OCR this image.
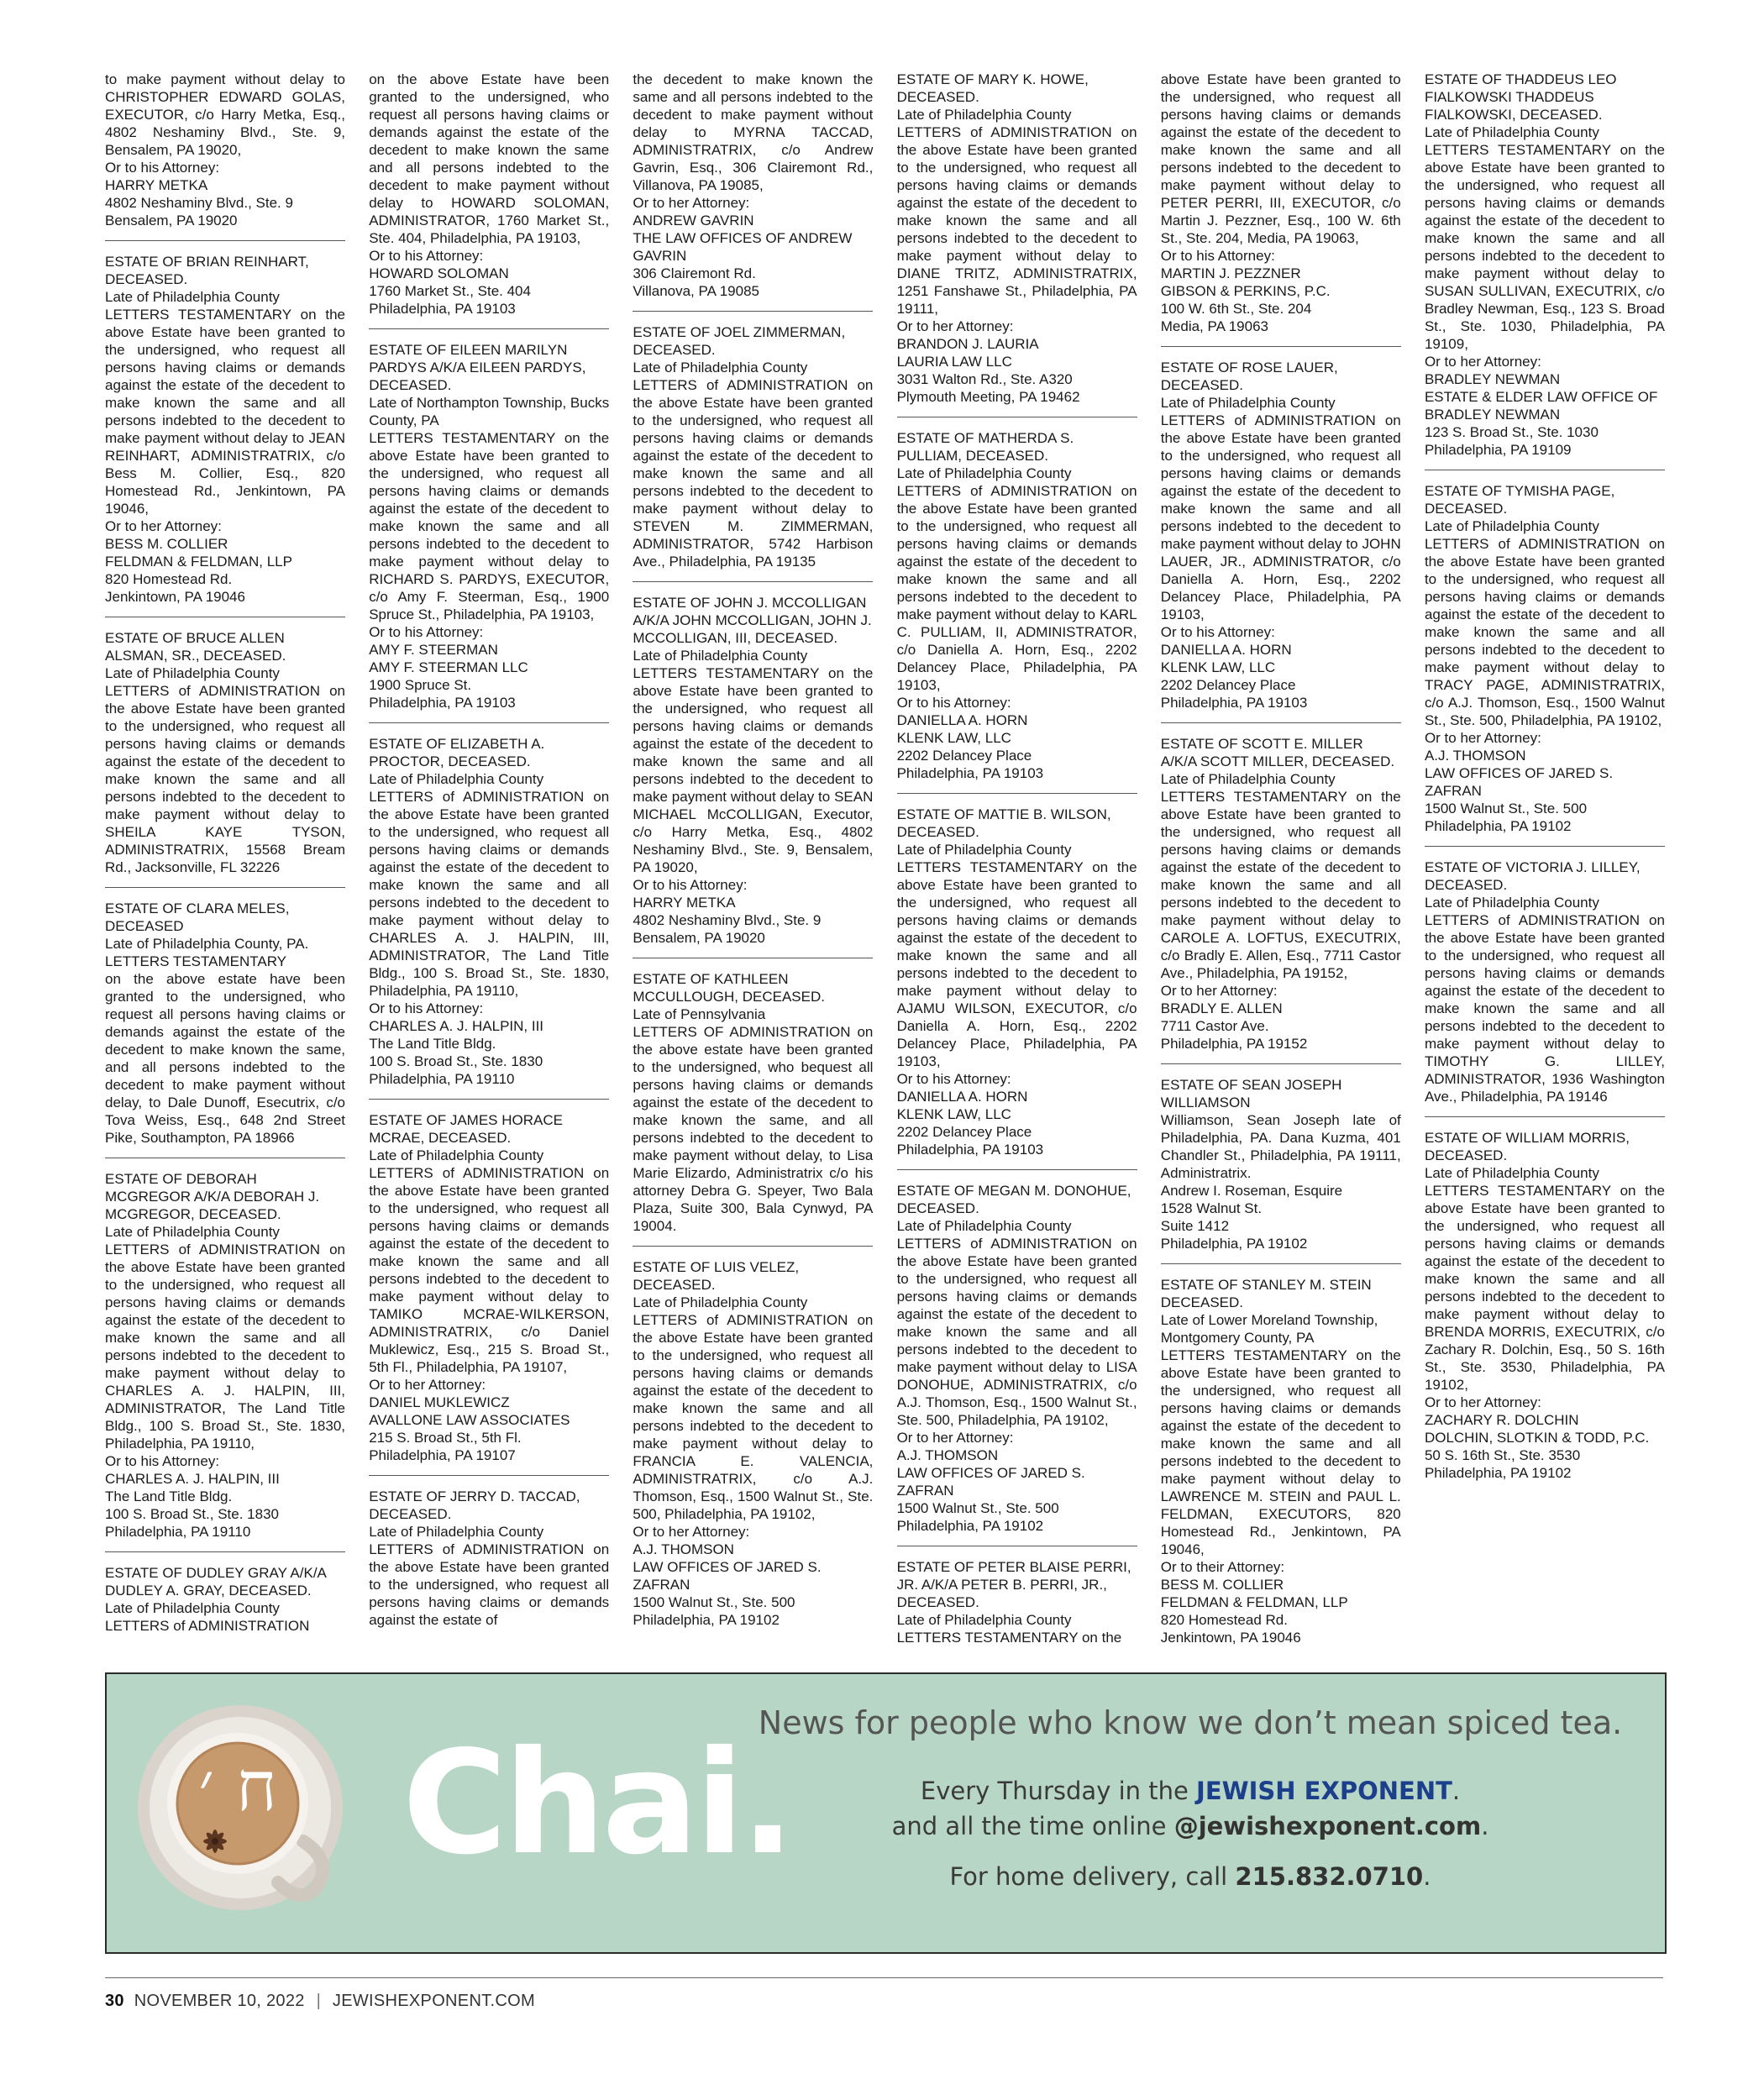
to make payment without delay to CHRISTOPHER EDWARD GOLAS, EXECUTOR, c/o Harry Metka, Esq., 4802 Neshaminy Blvd., Ste. 9, Bensalem, PA 19020,

Or to his Attorney:

HARRY METKA

4802 Neshaminy Blvd., Ste. 9

Bensalem, PA 19020

ESTATE OF BRIAN REINHART, DECEASED.

Late of Philadelphia County

LETTERS TESTAMENTARY on the above Estate have been granted to the undersigned, who request all persons having claims or demands against the estate of the decedent to make known the same and all persons indebted to the decedent to make payment without delay to JEAN REINHART, ADMINISTRATRIX, c/o Bess M. Collier, Esq., 820 Homestead Rd., Jenkintown, PA 19046,

Or to her Attorney:

BESS M. COLLIER

FELDMAN & FELDMAN, LLP

820 Homestead Rd.

Jenkintown, PA 19046

ESTATE OF BRUCE ALLEN ALSMAN, SR., DECEASED.

Late of Philadelphia County

LETTERS of ADMINISTRATION on the above Estate have been granted to the undersigned, who request all persons having claims or demands against the estate of the decedent to make known the same and all persons indebted to the decedent to make payment without delay to SHEILA KAYE TYSON, ADMINISTRATRIX, 15568 Bream Rd., Jacksonville, FL 32226

ESTATE OF CLARA MELES, DECEASED

Late of Philadelphia County, PA.

LETTERS TESTAMENTARY

on the above estate have been granted to the undersigned, who request all persons having claims or demands against the estate of the decedent to make known the same, and all persons indebted to the decedent to make payment without delay, to Dale Dunoff, Esecutrix, c/o Tova Weiss, Esq., 648 2nd Street Pike, Southampton, PA 18966

ESTATE OF DEBORAH MCGREGOR A/K/A DEBORAH J. MCGREGOR, DECEASED.

Late of Philadelphia County

LETTERS of ADMINISTRATION on the above Estate have been granted to the undersigned, who request all persons having claims or demands against the estate of the decedent to make known the same and all persons indebted to the decedent to make payment without delay to CHARLES A. J. HALPIN, III, ADMINISTRATOR, The Land Title Bldg., 100 S. Broad St., Ste. 1830, Philadelphia, PA 19110,

Or to his Attorney:

CHARLES A. J. HALPIN, III

The Land Title Bldg.

100 S. Broad St., Ste. 1830

Philadelphia, PA 19110

ESTATE OF DUDLEY GRAY A/K/A DUDLEY A. GRAY, DECEASED.

Late of Philadelphia County

LETTERS of ADMINISTRATION

on the above Estate have been granted to the undersigned, who request all persons having claims or demands against the estate of the decedent to make known the same and all persons indebted to the decedent to make payment without delay to HOWARD SOLOMAN, ADMINISTRATOR, 1760 Market St., Ste. 404, Philadelphia, PA 19103,

Or to his Attorney:

HOWARD SOLOMAN

1760 Market St., Ste. 404

Philadelphia, PA 19103

ESTATE OF EILEEN MARILYN PARDYS A/K/A EILEEN PARDYS, DECEASED.

Late of Northampton Township, Bucks County, PA

LETTERS TESTAMENTARY on the above Estate have been granted to the undersigned, who request all persons having claims or demands against the estate of the decedent to make known the same and all persons indebted to the decedent to make payment without delay to RICHARD S. PARDYS, EXECUTOR, c/o Amy F. Steerman, Esq., 1900 Spruce St., Philadelphia, PA 19103,

Or to his Attorney:

AMY F. STEERMAN

AMY F. STEERMAN LLC

1900 Spruce St.

Philadelphia, PA 19103

ESTATE OF ELIZABETH A. PROCTOR, DECEASED.

Late of Philadelphia County

LETTERS of ADMINISTRATION on the above Estate have been granted to the undersigned, who request all persons having claims or demands against the estate of the decedent to make known the same and all persons indebted to the decedent to make payment without delay to CHARLES A. J. HALPIN, III, ADMINISTRATOR, The Land Title Bldg., 100 S. Broad St., Ste. 1830, Philadelphia, PA 19110,

Or to his Attorney:

CHARLES A. J. HALPIN, III

The Land Title Bldg.

100 S. Broad St., Ste. 1830

Philadelphia, PA 19110

ESTATE OF JAMES HORACE MCRAE, DECEASED.

Late of Philadelphia County

LETTERS of ADMINISTRATION on the above Estate have been granted to the undersigned, who request all persons having claims or demands against the estate of the decedent to make known the same and all persons indebted to the decedent to make payment without delay to TAMIKO MCRAE-WILKERSON, ADMINISTRATRIX, c/o Daniel Muklewicz, Esq., 215 S. Broad St., 5th Fl., Philadelphia, PA 19107,

Or to her Attorney:

DANIEL MUKLEWICZ

AVALLONE LAW ASSOCIATES

215 S. Broad St., 5th Fl.

Philadelphia, PA 19107

ESTATE OF JERRY D. TACCAD, DECEASED.

Late of Philadelphia County

LETTERS of ADMINISTRATION on the above Estate have been granted to the undersigned, who request all persons having claims or demands against the estate of

the decedent to make known the same and all persons indebted to the decedent to make payment without delay to MYRNA TACCAD, ADMINISTRATRIX, c/o Andrew Gavrin, Esq., 306 Clairemont Rd., Villanova, PA 19085,

Or to her Attorney:

ANDREW GAVRIN

THE LAW OFFICES OF ANDREW GAVRIN

306 Clairemont Rd.

Villanova, PA 19085

ESTATE OF JOEL ZIMMERMAN, DECEASED.

Late of Philadelphia County

LETTERS of ADMINISTRATION on the above Estate have been granted to the undersigned, who request all persons having claims or demands against the estate of the decedent to make known the same and all persons indebted to the decedent to make payment without delay to STEVEN M. ZIMMERMAN, ADMINISTRATOR, 5742 Harbison Ave., Philadelphia, PA 19135

ESTATE OF JOHN J. MCCOLLIGAN A/K/A JOHN MCCOLLIGAN, JOHN J. MCCOLLIGAN, III, DECEASED.

Late of Philadelphia County

LETTERS TESTAMENTARY on the above Estate have been granted to the undersigned, who request all persons having claims or demands against the estate of the decedent to make known the same and all persons indebted to the decedent to make payment without delay to SEAN MICHAEL McCOLLIGAN, Executor, c/o Harry Metka, Esq., 4802 Neshaminy Blvd., Ste. 9, Bensalem, PA 19020,

Or to his Attorney:

HARRY METKA

4802 Neshaminy Blvd., Ste. 9

Bensalem, PA 19020

ESTATE OF KATHLEEN MCCULLOUGH, DECEASED.

Late of Pennsylvania

LETTERS OF ADMINISTRATION on the above estate have been granted to the undersigned, who bequest all persons having claims or demands against the estate of the decedent to make known the same, and all persons indebted to the decedent to make payment without delay, to Lisa Marie Elizardo, Administratrix c/o his attorney Debra G. Speyer, Two Bala Plaza, Suite 300, Bala Cynwyd, PA 19004.

ESTATE OF LUIS VELEZ, DECEASED.

Late of Philadelphia County

LETTERS of ADMINISTRATION on the above Estate have been granted to the undersigned, who request all persons having claims or demands against the estate of the decedent to make known the same and all persons indebted to the decedent to make payment without delay to FRANCIA E. VALENCIA, ADMINISTRATRIX, c/o A.J. Thomson, Esq., 1500 Walnut St., Ste. 500, Philadelphia, PA 19102,

Or to her Attorney:

A.J. THOMSON

LAW OFFICES OF JARED S. ZAFRAN

1500 Walnut St., Ste. 500

Philadelphia, PA 19102

ESTATE OF MARY K. HOWE, DECEASED.

Late of Philadelphia County

LETTERS of ADMINISTRATION on the above Estate have been granted to the undersigned, who request all persons having claims or demands against the estate of the decedent to make known the same and all persons indebted to the decedent to make payment without delay to DIANE TRITZ, ADMINISTRATRIX, 1251 Fanshawe St., Philadelphia, PA 19111,

Or to her Attorney:

BRANDON J. LAURIA

LAURIA LAW LLC

3031 Walton Rd., Ste. A320

Plymouth Meeting, PA 19462

ESTATE OF MATHERDA S. PULLIAM, DECEASED.

Late of Philadelphia County

LETTERS of ADMINISTRATION on the above Estate have been granted to the undersigned, who request all persons having claims or demands against the estate of the decedent to make known the same and all persons indebted to the decedent to make payment without delay to KARL C. PULLIAM, II, ADMINISTRATOR, c/o Daniella A. Horn, Esq., 2202 Delancey Place, Philadelphia, PA 19103,

Or to his Attorney:

DANIELLA A. HORN

KLENK LAW, LLC

2202 Delancey Place

Philadelphia, PA 19103

ESTATE OF MATTIE B. WILSON, DECEASED.

Late of Philadelphia County

LETTERS TESTAMENTARY on the above Estate have been granted to the undersigned, who request all persons having claims or demands against the estate of the decedent to make known the same and all persons indebted to the decedent to make payment without delay to AJAMU WILSON, EXECUTOR, c/o Daniella A. Horn, Esq., 2202 Delancey Place, Philadelphia, PA 19103,

Or to his Attorney:

DANIELLA A. HORN

KLENK LAW, LLC

2202 Delancey Place

Philadelphia, PA 19103

ESTATE OF MEGAN M. DONOHUE, DECEASED.

Late of Philadelphia County

LETTERS of ADMINISTRATION on the above Estate have been granted to the undersigned, who request all persons having claims or demands against the estate of the decedent to make known the same and all persons indebted to the decedent to make payment without delay to LISA DONOHUE, ADMINISTRATRIX, c/o A.J. Thomson, Esq., 1500 Walnut St., Ste. 500, Philadelphia, PA 19102,

Or to her Attorney:

A.J. THOMSON

LAW OFFICES OF JARED S. ZAFRAN

1500 Walnut St., Ste. 500

Philadelphia, PA 19102

ESTATE OF PETER BLAISE PERRI, JR. A/K/A PETER B. PERRI, JR., DECEASED.

Late of Philadelphia County

LETTERS TESTAMENTARY on the

above Estate have been granted to the undersigned, who request all persons having claims or demands against the estate of the decedent to make known the same and all persons indebted to the decedent to make payment without delay to PETER PERRI, III, EXECUTOR, c/o Martin J. Pezzner, Esq., 100 W. 6th St., Ste. 204, Media, PA 19063,

Or to his Attorney:

MARTIN J. PEZZNER

GIBSON & PERKINS, P.C.

100 W. 6th St., Ste. 204

Media, PA 19063

ESTATE OF ROSE LAUER, DECEASED.

Late of Philadelphia County

LETTERS of ADMINISTRATION on the above Estate have been granted to the undersigned, who request all persons having claims or demands against the estate of the decedent to make known the same and all persons indebted to the decedent to make payment without delay to JOHN LAUER, JR., ADMINISTRATOR, c/o Daniella A. Horn, Esq., 2202 Delancey Place, Philadelphia, PA 19103,

Or to his Attorney:

DANIELLA A. HORN

KLENK LAW, LLC

2202 Delancey Place

Philadelphia, PA 19103

ESTATE OF SCOTT E. MILLER A/K/A SCOTT MILLER, DECEASED.

Late of Philadelphia County

LETTERS TESTAMENTARY on the above Estate have been granted to the undersigned, who request all persons having claims or demands against the estate of the decedent to make known the same and all persons indebted to the decedent to make payment without delay to CAROLE A. LOFTUS, EXECUTRIX, c/o Bradly E. Allen, Esq., 7711 Castor Ave., Philadelphia, PA 19152,

Or to her Attorney:

BRADLY E. ALLEN

7711 Castor Ave.

Philadelphia, PA 19152

ESTATE OF SEAN JOSEPH WILLIAMSON

Williamson, Sean Joseph late of Philadelphia, PA. Dana Kuzma, 401 Chandler St., Philadelphia, PA 19111, Administratrix.

Andrew I. Roseman, Esquire

1528 Walnut St.

Suite 1412

Philadelphia, PA 19102

ESTATE OF STANLEY M. STEIN DECEASED.

Late of Lower Moreland Township, Montgomery County, PA

LETTERS TESTAMENTARY on the above Estate have been granted to the undersigned, who request all persons having claims or demands against the estate of the decedent to make known the same and all persons indebted to the decedent to make payment without delay to LAWRENCE M. STEIN and PAUL L. FELDMAN, EXECUTORS, 820 Homestead Rd., Jenkintown, PA 19046,

Or to their Attorney:

BESS M. COLLIER

FELDMAN & FELDMAN, LLP

820 Homestead Rd.

Jenkintown, PA 19046

ESTATE OF THADDEUS LEO FIALKOWSKI THADDEUS FIALKOWSKI, DECEASED.

Late of Philadelphia County

LETTERS TESTAMENTARY on the above Estate have been granted to the undersigned, who request all persons having claims or demands against the estate of the decedent to make known the same and all persons indebted to the decedent to make payment without delay to SUSAN SULLIVAN, EXECUTRIX, c/o Bradley Newman, Esq., 123 S. Broad St., Ste. 1030, Philadelphia, PA 19109,

Or to her Attorney:

BRADLEY NEWMAN

ESTATE & ELDER LAW OFFICE OF BRADLEY NEWMAN

123 S. Broad St., Ste. 1030

Philadelphia, PA 19109

ESTATE OF TYMISHA PAGE, DECEASED.

Late of Philadelphia County

LETTERS of ADMINISTRATION on the above Estate have been granted to the undersigned, who request all persons having claims or demands against the estate of the decedent to make known the same and all persons indebted to the decedent to make payment without delay to TRACY PAGE, ADMINISTRATRIX, c/o A.J. Thomson, Esq., 1500 Walnut St., Ste. 500, Philadelphia, PA 19102,

Or to her Attorney:

A.J. THOMSON

LAW OFFICES OF JARED S. ZAFRAN

1500 Walnut St., Ste. 500

Philadelphia, PA 19102

ESTATE OF VICTORIA J. LILLEY, DECEASED.

Late of Philadelphia County

LETTERS of ADMINISTRATION on the above Estate have been granted to the undersigned, who request all persons having claims or demands against the estate of the decedent to make known the same and all persons indebted to the decedent to make payment without delay to TIMOTHY G. LILLEY, ADMINISTRATOR, 1936 Washington Ave., Philadelphia, PA 19146

ESTATE OF WILLIAM MORRIS, DECEASED.

Late of Philadelphia County

LETTERS TESTAMENTARY on the above Estate have been granted to the undersigned, who request all persons having claims or demands against the estate of the decedent to make known the same and all persons indebted to the decedent to make payment without delay to BRENDA MORRIS, EXECUTRIX, c/o Zachary R. Dolchin, Esq., 50 S. 16th St., Ste. 3530, Philadelphia, PA 19102,

Or to her Attorney:

ZACHARY R. DOLCHIN

DOLCHIN, SLOTKIN & TODD, P.C.

50 S. 16th St., Ste. 3530

Philadelphia, PA 19102

ח ׳ Chai.
News for people who know we don’t mean spiced tea.
Every Thursday in the JEWISH EXPONENT.
and all the time online @jewishexponent.com.
For home delivery, call 215.832.0710.
30 NOVEMBER 10, 2022 | JEWISHEXPONENT.COM
